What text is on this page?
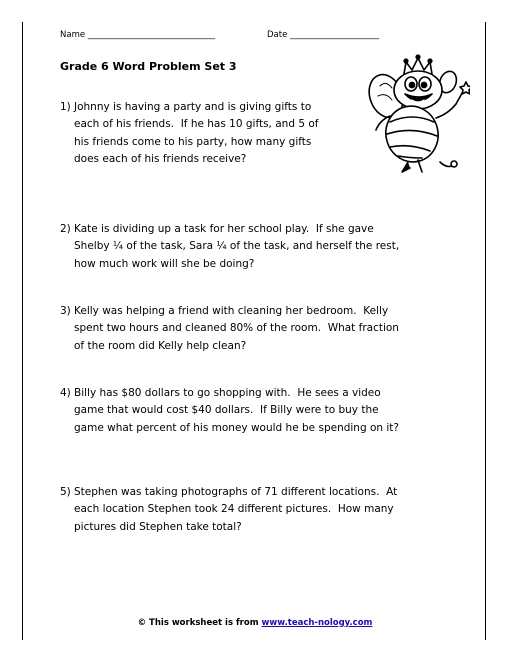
Name ______________________________	Date _____________________
Grade 6 Word Problem Set 3
1) Johnny is having a party and is giving gifts to
each of his friends.  If he has 10 gifts, and 5 of
his friends come to his party, how many gifts
does each of his friends receive?
2) Kate is dividing up a task for her school play.  If she gave
Shelby ¼ of the task, Sara ¼ of the task, and herself the rest,
how much work will she be doing?
3) Kelly was helping a friend with cleaning her bedroom.  Kelly
spent two hours and cleaned 80% of the room.  What fraction
of the room did Kelly help clean?
4) Billy has $80 dollars to go shopping with.  He sees a video
game that would cost $40 dollars.  If Billy were to buy the
game what percent of his money would he be spending on it?
5) Stephen was taking photographs of 71 different locations.  At
each location Stephen took 24 different pictures.  How many
pictures did Stephen take total?
© This worksheet is from www.teach-nology.com
